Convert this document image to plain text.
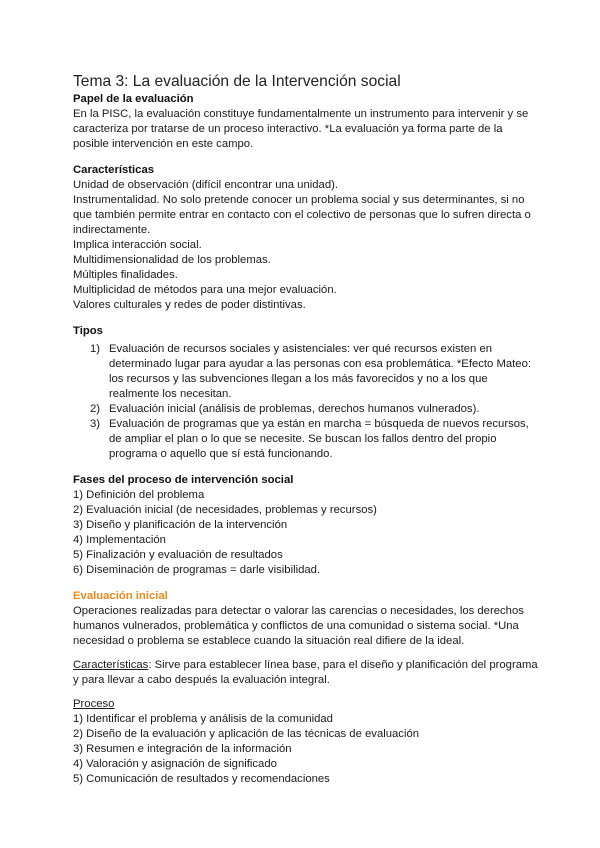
Tema 3: La evaluación de la Intervención social
Papel de la evaluación

En la PISC, la evaluación constituye fundamentalmente un instrumento para intervenir y se caracteriza por tratarse de un proceso interactivo. *La evaluación ya forma parte de la posible intervención en este campo.

Características

Unidad de observación (difícil encontrar una unidad).

Instrumentalidad. No solo pretende conocer un problema social y sus determinantes, si no que también permite entrar en contacto con el colectivo de personas que lo sufren directa o indirectamente.

Implica interacción social.

Multidimensionalidad de los problemas.

Múltiples finalidades.

Multiplicidad de métodos para una mejor evaluación.

Valores culturales y redes de poder distintivas.

Tipos
1) Evaluación de recursos sociales y asistenciales: ver qué recursos existen en determinado lugar para ayudar a las personas con esa problemática. *Efecto Mateo: los recursos y las subvenciones llegan a los más favorecidos y no a los que realmente los necesitan.
2) Evaluación inicial (análisis de problemas, derechos humanos vulnerados).
3) Evaluación de programas que ya están en marcha = búsqueda de nuevos recursos, de ampliar el plan o lo que se necesite. Se buscan los fallos dentro del propio programa o aquello que sí está funcionando.
Fases del proceso de intervención social

1) Definición del problema

2) Evaluación inicial (de necesidades, problemas y recursos)

3) Diseño y planificación de la intervención

4) Implementación

5) Finalización y evaluación de resultados

6) Diseminación de programas = darle visibilidad.

Evaluación inicial

Operaciones realizadas para detectar o valorar las carencias o necesidades, los derechos humanos vulnerados, problemática y conflictos de una comunidad o sistema social. *Una necesidad o problema se establece cuando la situación real difiere de la ideal.

Características: Sirve para establecer línea base, para el diseño y planificación del programa y para llevar a cabo después la evaluación integral.

Proceso

1) Identificar el problema y análisis de la comunidad

2) Diseño de la evaluación y aplicación de las técnicas de evaluación

3) Resumen e integración de la información

4) Valoración y asignación de significado

5) Comunicación de resultados y recomendaciones
